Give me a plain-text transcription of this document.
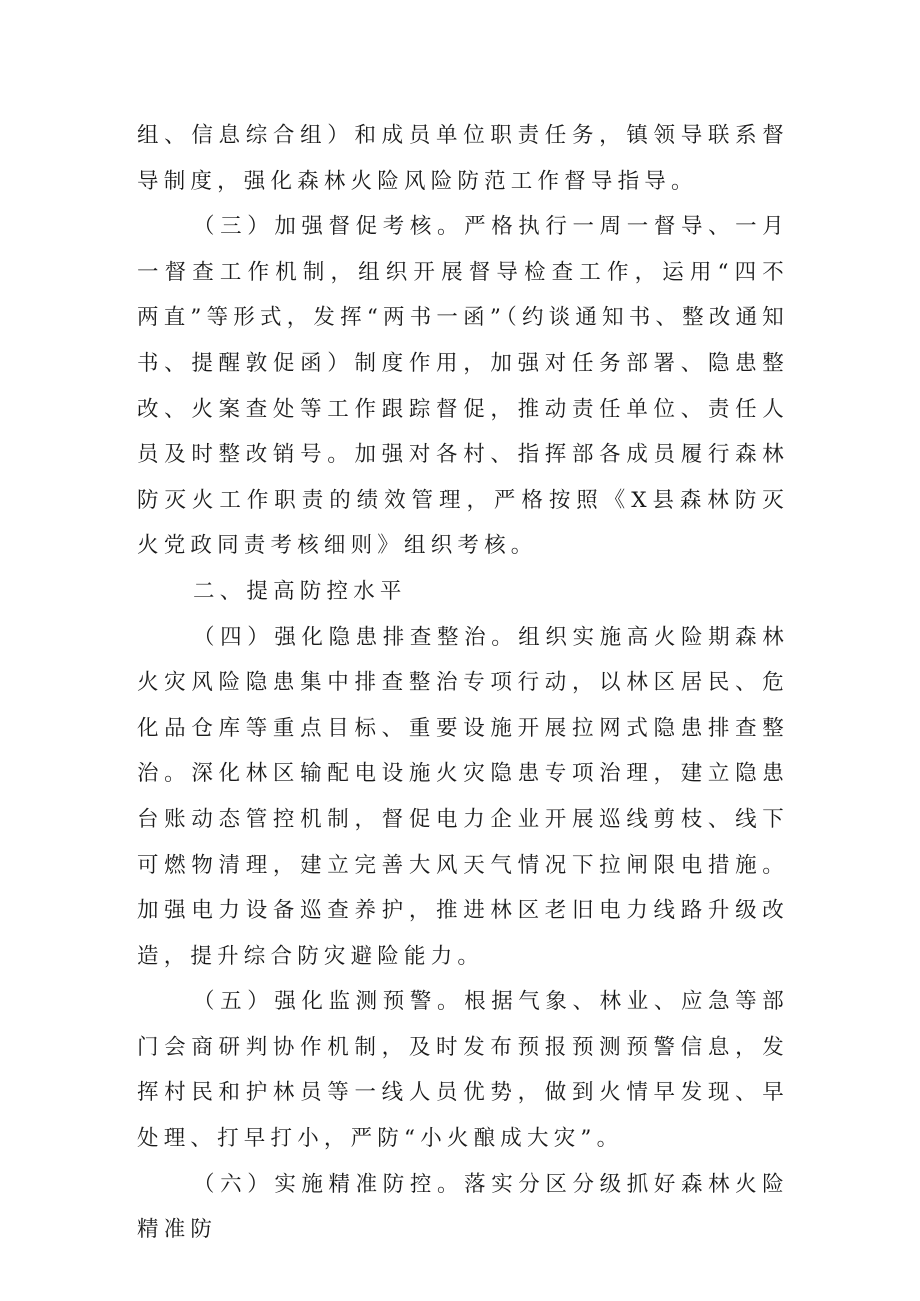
组、信息综合组）和成员单位职责任务，镇领导联系督导制度，强化森林火险风险防范工作督导指导。

（三）加强督促考核。严格执行一周一督导、一月一督查工作机制，组织开展督导检查工作，运用“四不两直”等形式，发挥“两书一函”（约谈通知书、整改通知书、提醒敦促函）制度作用，加强对任务部署、隐患整改、火案查处等工作跟踪督促，推动责任单位、责任人员及时整改销号。加强对各村、指挥部各成员履行森林防灭火工作职责的绩效管理，严格按照《X县森林防灭火党政同责考核细则》组织考核。

二、提高防控水平

（四）强化隐患排查整治。组织实施高火险期森林火灾风险隐患集中排查整治专项行动，以林区居民、危化品仓库等重点目标、重要设施开展拉网式隐患排查整治。深化林区输配电设施火灾隐患专项治理，建立隐患台账动态管控机制，督促电力企业开展巡线剪枝、线下可燃物清理，建立完善大风天气情况下拉闸限电措施。加强电力设备巡查养护，推进林区老旧电力线路升级改造，提升综合防灾避险能力。

（五）强化监测预警。根据气象、林业、应急等部门会商研判协作机制，及时发布预报预测预警信息，发挥村民和护林员等一线人员优势，做到火情早发现、早处理、打早打小，严防“小火酿成大灾”。

（六）实施精准防控。落实分区分级抓好森林火险精准防
